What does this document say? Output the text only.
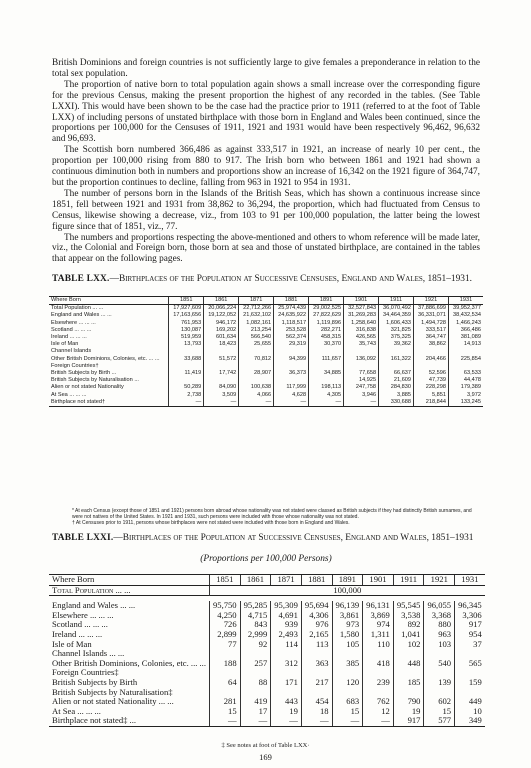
British Dominions and foreign countries is not sufficiently large to give females a preponderance in relation to the total sex population.

The proportion of native born to total population again shows a small increase over the corresponding figure for the previous Census, making the present proportion the highest of any recorded in the tables. (See Table LXXI). This would have been shown to be the case had the practice prior to 1911 (referred to at the foot of Table LXX) of including persons of unstated birthplace with those born in England and Wales been continued, since the proportions per 100,000 for the Censuses of 1911, 1921 and 1931 would have been respectively 96,462, 96,632 and 96,693.

The Scottish born numbered 366,486 as against 333,517 in 1921, an increase of nearly 10 per cent., the proportion per 100,000 rising from 880 to 917. The Irish born who between 1861 and 1921 had shown a continuous diminution both in numbers and proportions show an increase of 16,342 on the 1921 figure of 364,747, but the proportion continues to decline, falling from 963 in 1921 to 954 in 1931.

The number of persons born in the Islands of the British Seas, which has shown a continuous increase since 1851, fell between 1921 and 1931 from 38,862 to 36,294, the proportion, which had fluctuated from Census to Census, likewise showing a decrease, viz., from 103 to 91 per 100,000 population, the latter being the lowest figure since that of 1851, viz., 77.

The numbers and proportions respecting the above-mentioned and others to whom reference will be made later, viz., the Colonial and Foreign born, those born at sea and those of unstated birthplace, are contained in the tables that appear on the following pages.

TABLE LXX.—Birthplaces of the Population at Successive Censuses, England and Wales, 1851–1931.
Where Born	1851	1861	1871	1881	1891	1901	1911	1921	1931
Total Population ... ...	17,927,609	20,066,224	22,712,266	25,974,439	29,002,525	32,527,843	36,070,492	37,886,699	39,952,377
England and Wales ... ...	17,163,656	19,122,052	21,632,102	24,635,922	27,822,629	31,269,283	34,464,359	36,331,071	38,432,534
Elsewhere ... ... ...	761,953	946,172	1,082,161	1,118,517	1,119,896	1,258,640	1,606,433	1,494,728	1,466,243
Scotland ... ... ...	130,087	169,202	213,254	253,528	282,271	316,838	321,825	333,517	366,486
Ireland ... ... ...	519,959	601,634	566,540	562,374	458,315	426,565	375,325	364,747	381,089
Isle of Man	13,793	18,423	25,655	29,319	30,370	35,743	39,362	38,862	14,913
Channel Islands									
Other British Dominions, Colonies, etc. ... ...	33,688	51,572	70,812	94,399	111,657	136,092	161,322	204,466	225,854
Foreign Countries†									
British Subjects by Birth ...	11,419	17,742	28,907	36,373	34,885	77,658	66,637	52,596	63,533
British Subjects by Naturalisation ...						14,925	21,609	47,739	44,478
Alien or not stated Nationality	50,289	84,090	100,638	117,999	198,113	247,758	284,830	228,298	179,389
At Sea ... ... ...	2,738	3,509	4,066	4,628	4,305	3,946	3,885	5,851	3,972
Birthplace not stated†	—	—	—	—	—	—	330,688	218,844	133,245
* At each Census (except those of 1851 and 1921) persons born abroad whose nationality was not stated were classed as British subjects if they had distinctly British surnames, and were not natives of the United States. In 1921 and 1931, such persons were included with those whose nationality was not stated.
† At Censuses prior to 1911, persons whose birthplaces were not stated were included with those born in England and Wales.
TABLE LXXI.—Birthplaces of the Population at Successive Censuses, England and Wales, 1851–1931
(Proportions per 100,000 Persons)
Where Born	1851	1861	1871	1881	1891	1901	1911	1921	1931
Total Population ... ...	100,000								

England and Wales ... ...	95,750	95,285	95,309	95,694	96,139	96,131	95,545	96,055	96,345
Elsewhere ... ... ...	4,250	4,715	4,691	4,306	3,861	3,869	3,538	3,368	3,306
Scotland ... ... ...	726	843	939	976	973	974	892	880	917
Ireland ... ... ...	2,899	2,999	2,493	2,165	1,580	1,311	1,041	963	954
Isle of Man	77	92	114	113	105	110	102	103	37
Channel Islands ... ...									
Other British Dominions, Colonies, etc. ... ...	188	257	312	363	385	418	448	540	565
Foreign Countries‡									
British Subjects by Birth	64	88	171	217	120	239	185	139	159
British Subjects by Naturalisation‡									
Alien or not stated Nationality ... ...	281	419	443	454	683	762	790	602	449
At Sea ... ... ...	15	17	19	18	15	12	19	15	10
Birthplace not stated‡ ...	—	—	—	—	—	—	917	577	349
‡ See notes at foot of Table LXX·
169
